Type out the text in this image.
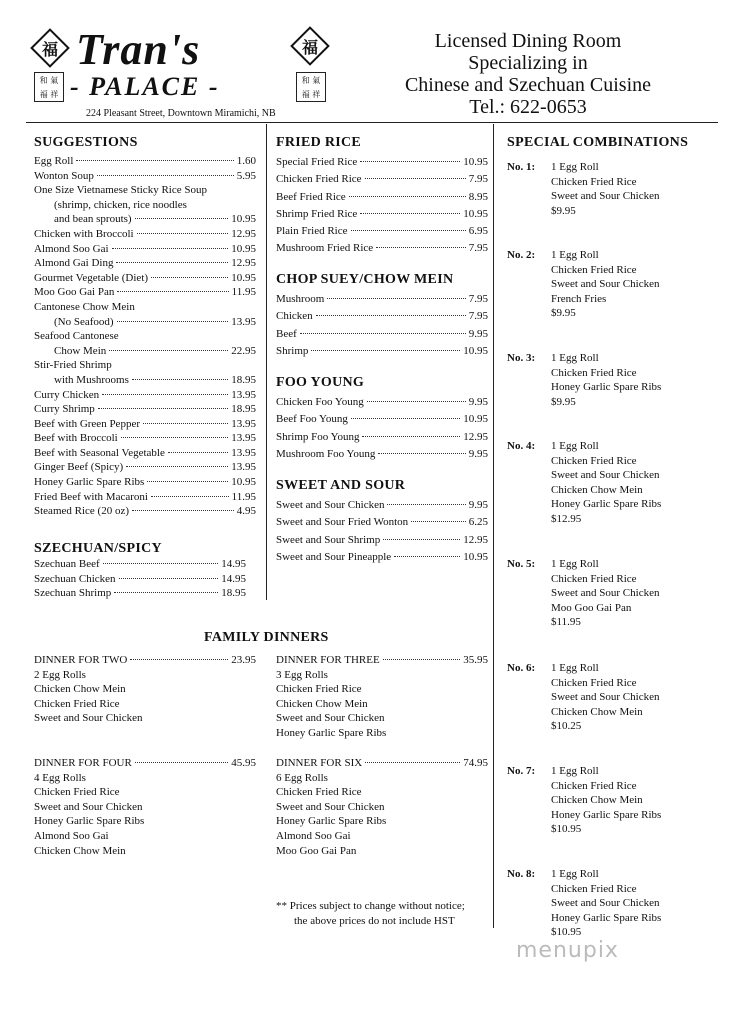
福
和 氣 福 祥
Tran's
- PALACE -
福
和 氣 福 祥
224 Pleasant Street, Downtown Miramichi, NB
Licensed Dining Room
Specializing in
Chinese and Szechuan Cuisine
Tel.: 622-0653
SUGGESTIONS
Egg Roll	1.60
Wonton Soup	5.95
One Size Vietnamese Sticky Rice Soup
(shrimp, chicken, rice noodles
and bean sprouts)	10.95
Chicken with Broccoli	12.95
Almond Soo Gai	10.95
Almond Gai Ding	12.95
Gourmet Vegetable (Diet)	10.95
Moo Goo Gai Pan	11.95
Cantonese Chow Mein
(No Seafood)	13.95
Seafood Cantonese
Chow Mein	22.95
Stir-Fried Shrimp
with Mushrooms	18.95
Curry Chicken	13.95
Curry Shrimp	18.95
Beef with Green Pepper	13.95
Beef with Broccoli	13.95
Beef with Seasonal Vegetable	13.95
Ginger Beef (Spicy)	13.95
Honey Garlic Spare Ribs	10.95
Fried Beef with Macaroni	11.95
Steamed Rice (20 oz)	4.95
SZECHUAN/SPICY
Szechuan Beef	14.95
Szechuan Chicken	14.95
Szechuan Shrimp	18.95
FRIED RICE
Special Fried Rice	10.95
Chicken Fried Rice	7.95
Beef Fried Rice	8.95
Shrimp Fried Rice	10.95
Plain Fried Rice	6.95
Mushroom Fried Rice	7.95
CHOP SUEY/CHOW MEIN
Mushroom	7.95
Chicken	7.95
Beef	9.95
Shrimp	10.95
FOO YOUNG
Chicken Foo Young	9.95
Beef Foo Young	10.95
Shrimp Foo Young	12.95
Mushroom Foo Young	9.95
SWEET AND SOUR
Sweet and Sour Chicken	9.95
Sweet and Sour Fried Wonton	6.25
Sweet and Sour Shrimp	12.95
Sweet and Sour Pineapple	10.95
FAMILY DINNERS
DINNER FOR TWO	23.95
2 Egg Rolls
Chicken Chow Mein
Chicken Fried Rice
Sweet and Sour Chicken
DINNER FOR THREE	35.95
3 Egg Rolls
Chicken Fried Rice
Chicken Chow Mein
Sweet and Sour Chicken
Honey Garlic Spare Ribs
DINNER FOR FOUR	45.95
4 Egg Rolls
Chicken Fried Rice
Sweet and Sour Chicken
Honey Garlic Spare Ribs
Almond Soo Gai
Chicken Chow Mein
DINNER FOR SIX	74.95
6 Egg Rolls
Chicken Fried Rice
Sweet and Sour Chicken
Honey Garlic Spare Ribs
Almond Soo Gai
Moo Goo Gai Pan
SPECIAL COMBINATIONS
No. 1: 1 Egg Roll
Chicken Fried Rice
Sweet and Sour Chicken
$9.95
No. 2: 1 Egg Roll
Chicken Fried Rice
Sweet and Sour Chicken
French Fries
$9.95
No. 3: 1 Egg Roll
Chicken Fried Rice
Honey Garlic Spare Ribs
$9.95
No. 4: 1 Egg Roll
Chicken Fried Rice
Sweet and Sour Chicken
Chicken Chow Mein
Honey Garlic Spare Ribs
$12.95
No. 5: 1 Egg Roll
Chicken Fried Rice
Sweet and Sour Chicken
Moo Goo Gai Pan
$11.95
No. 6: 1 Egg Roll
Chicken Fried Rice
Sweet and Sour Chicken
Chicken Chow Mein
$10.25
No. 7: 1 Egg Roll
Chicken Fried Rice
Chicken Chow Mein
Honey Garlic Spare Ribs
$10.95
No. 8: 1 Egg Roll
Chicken Fried Rice
Sweet and Sour Chicken
Honey Garlic Spare Ribs
$10.95
** Prices subject to change without notice;
the above prices do not include HST
menupix
